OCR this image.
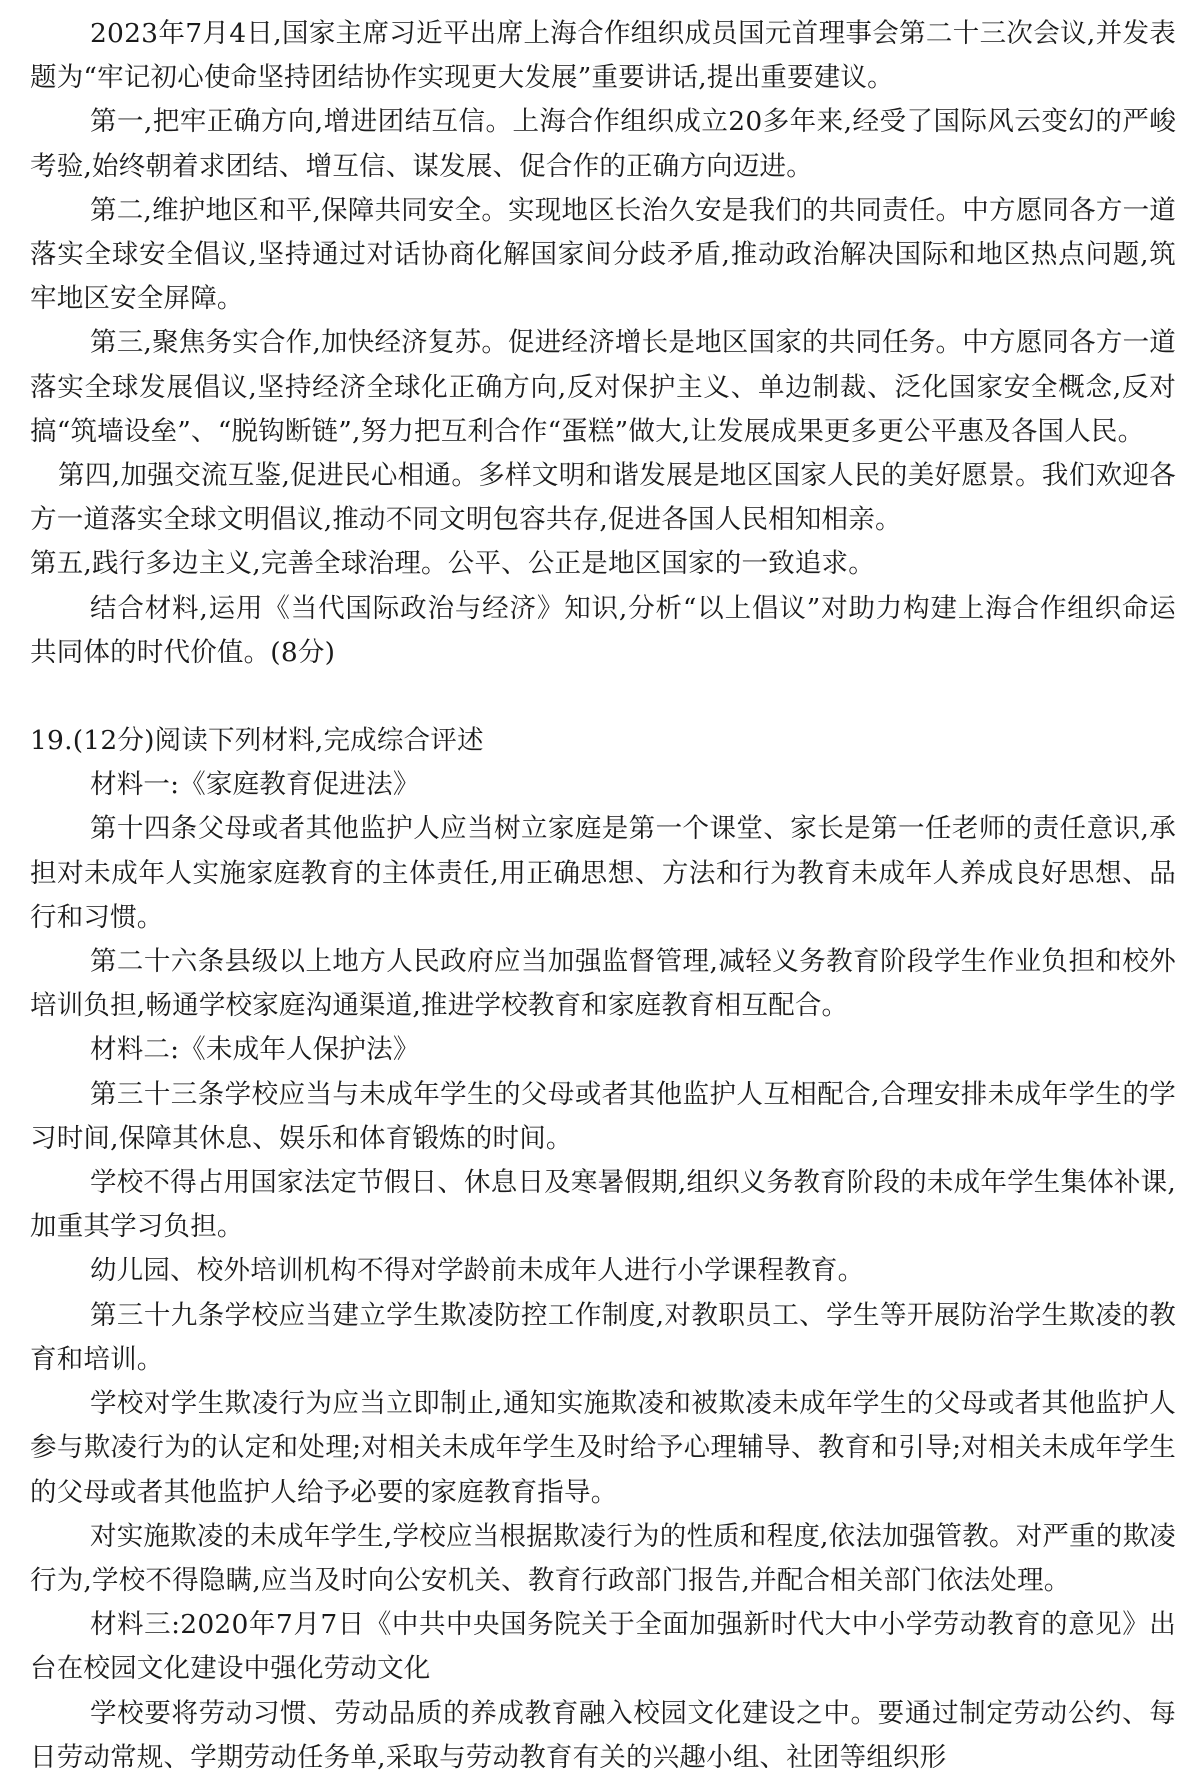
2023年7月4日,国家主席习近平出席上海合作组织成员国元首理事会第二十三次会议,并发表题为“牢记初心使命坚持团结协作实现更大发展”重要讲话,提出重要建议。

第一,把牢正确方向,增进团结互信。上海合作组织成立20多年来,经受了国际风云变幻的严峻考验,始终朝着求团结、增互信、谋发展、促合作的正确方向迈进。

第二,维护地区和平,保障共同安全。实现地区长治久安是我们的共同责任。中方愿同各方一道落实全球安全倡议,坚持通过对话协商化解国家间分歧矛盾,推动政治解决国际和地区热点问题,筑牢地区安全屏障。

第三,聚焦务实合作,加快经济复苏。促进经济增长是地区国家的共同任务。中方愿同各方一道落实全球发展倡议,坚持经济全球化正确方向,反对保护主义、单边制裁、泛化国家安全概念,反对搞“筑墙设垒”、“脱钩断链”,努力把互利合作“蛋糕”做大,让发展成果更多更公平惠及各国人民。

第四,加强交流互鉴,促进民心相通。多样文明和谐发展是地区国家人民的美好愿景。我们欢迎各方一道落实全球文明倡议,推动不同文明包容共存,促进各国人民相知相亲。

第五,践行多边主义,完善全球治理。公平、公正是地区国家的一致追求。

结合材料,运用《当代国际政治与经济》知识,分析“以上倡议”对助力构建上海合作组织命运共同体的时代价值。(8分)

19.(12分)阅读下列材料,完成综合评述

材料一:《家庭教育促进法》

第十四条父母或者其他监护人应当树立家庭是第一个课堂、家长是第一任老师的责任意识,承担对未成年人实施家庭教育的主体责任,用正确思想、方法和行为教育未成年人养成良好思想、品行和习惯。

第二十六条县级以上地方人民政府应当加强监督管理,减轻义务教育阶段学生作业负担和校外培训负担,畅通学校家庭沟通渠道,推进学校教育和家庭教育相互配合。

材料二:《未成年人保护法》

第三十三条学校应当与未成年学生的父母或者其他监护人互相配合,合理安排未成年学生的学习时间,保障其休息、娱乐和体育锻炼的时间。

学校不得占用国家法定节假日、休息日及寒暑假期,组织义务教育阶段的未成年学生集体补课,加重其学习负担。

幼儿园、校外培训机构不得对学龄前未成年人进行小学课程教育。

第三十九条学校应当建立学生欺凌防控工作制度,对教职员工、学生等开展防治学生欺凌的教育和培训。

学校对学生欺凌行为应当立即制止,通知实施欺凌和被欺凌未成年学生的父母或者其他监护人参与欺凌行为的认定和处理;对相关未成年学生及时给予心理辅导、教育和引导;对相关未成年学生的父母或者其他监护人给予必要的家庭教育指导。

对实施欺凌的未成年学生,学校应当根据欺凌行为的性质和程度,依法加强管教。对严重的欺凌行为,学校不得隐瞒,应当及时向公安机关、教育行政部门报告,并配合相关部门依法处理。

材料三:2020年7月7日《中共中央国务院关于全面加强新时代大中小学劳动教育的意见》出台在校园文化建设中强化劳动文化

学校要将劳动习惯、劳动品质的养成教育融入校园文化建设之中。要通过制定劳动公约、每日劳动常规、学期劳动任务单,采取与劳动教育有关的兴趣小组、社团等组织形
